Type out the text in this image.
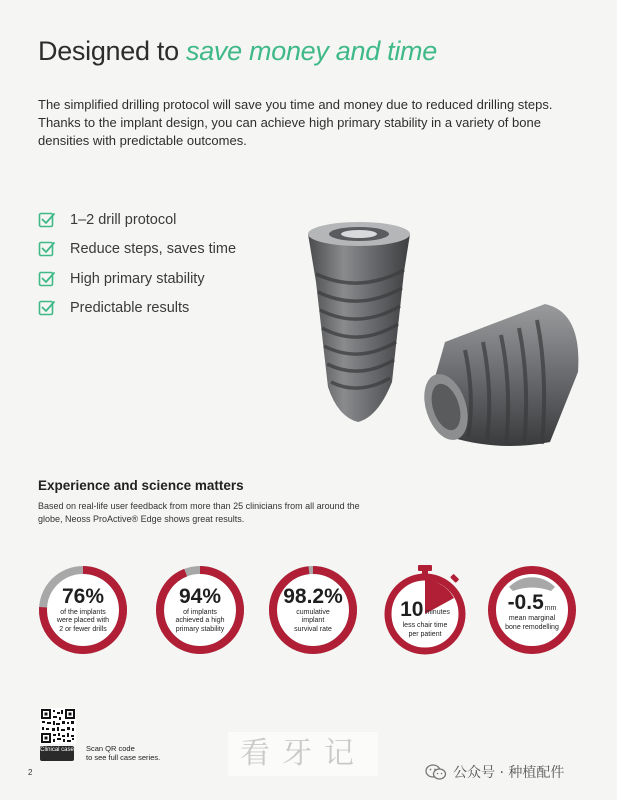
Designed to save money and time
The simplified drilling protocol will save you time and money due to reduced drilling steps. Thanks to the implant design, you can achieve high primary stability in a variety of bone densities with predictable outcomes.
1–2 drill protocol
Reduce steps, saves time
High primary stability
Predictable results
Experience and science matters
Based on real-life user feedback from more than 25 clinicians from all around the globe, Neoss ProActive® Edge shows great results.
76%
of the implants were placed with 2 or fewer drills
94%
of implants achieved a high primary stability
98.2%
cumulative implant survival rate
10 minutes
less chair time per patient
-0.5 mm
mean marginal bone remodelling
Clinical case Scan QR code
to see full case series.
2
看牙记
公众号 · 种植配件
